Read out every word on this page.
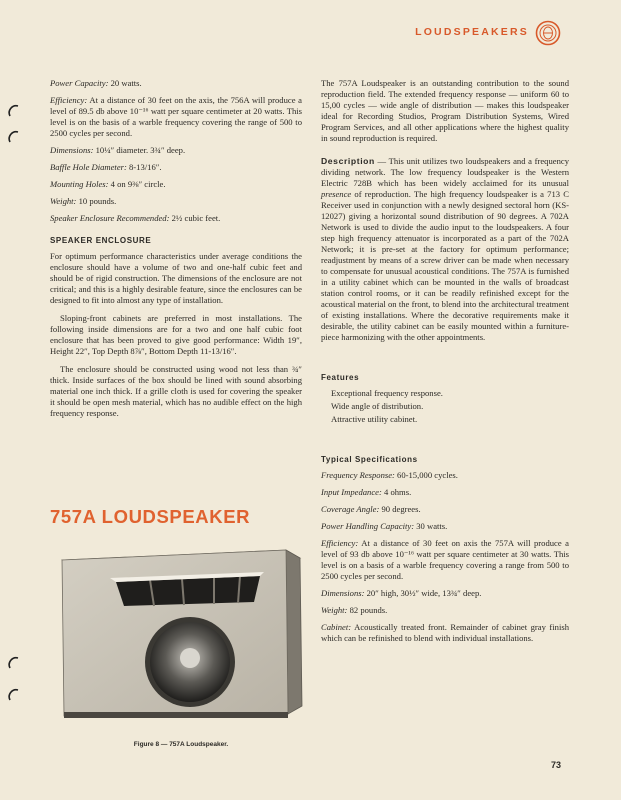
LOUDSPEAKERS

Power Capacity: 20 watts.

Efficiency: At a distance of 30 feet on the axis, the 756A will produce a level of 89.5 db above 10⁻¹⁶ watt per square centimeter at 20 watts. This level is on the basis of a warble frequency covering the range of 500 to 2500 cycles per second.

Dimensions: 10¼″ diameter. 3¾″ deep.

Baffle Hole Diameter: 8-13/16″.

Mounting Holes: 4 on 9⅜″ circle.

Weight: 10 pounds.

Speaker Enclosure Recommended: 2½ cubic feet.

SPEAKER ENCLOSURE

For optimum performance characteristics under average conditions the enclosure should have a volume of two and one-half cubic feet and should be of rigid construction. The dimensions of the enclosure are not critical; and this is a highly desirable feature, since the enclosures can be designed to fit into almost any type of installation.

Sloping-front cabinets are preferred in most installations. The following inside dimensions are for a two and one half cubic foot enclosure that has been proved to give good performance: Width 19″, Height 22″, Top Depth 8⅞″, Bottom Depth 11-13/16″.

The enclosure should be constructed using wood not less than ¾″ thick. Inside surfaces of the box should be lined with sound absorbing material one inch thick. If a grille cloth is used for covering the speaker it should be open mesh material, which has no audible effect on the high frequency response.

757A LOUDSPEAKER
Figure 8 — 757A Loudspeaker.

The 757A Loudspeaker is an outstanding contribution to the sound reproduction field. The extended frequency response — uniform 60 to 15,00 cycles — wide angle of distribution — makes this loudspeaker ideal for Recording Studios, Program Distribution Systems, Wired Program Services, and all other applications where the highest quality in sound reproduction is required.

Description — This unit utilizes two loudspeakers and a frequency dividing network. The low frequency loudspeaker is the Western Electric 728B which has been widely acclaimed for its unusual presence of reproduction. The high frequency loudspeaker is a 713 C Receiver used in conjunction with a newly designed sectoral horn (KS-12027) giving a horizontal sound distribution of 90 degrees. A 702A Network is used to divide the audio input to the loudspeakers. A four step high frequency attenuator is incorporated as a part of the 702A Network; it is pre-set at the factory for optimum performance; readjustment by means of a screw driver can be made when necessary to compensate for unusual acoustical conditions. The 757A is furnished in a utility cabinet which can be mounted in the walls of broadcast station control rooms, or it can be readily refinished except for the acoustical material on the front, to blend into the architectural treatment of existing installations. Where the decorative requirements make it desirable, the utility cabinet can be easily mounted within a furniture-piece harmonizing with the other appointments.

Features

Exceptional frequency response.

Wide angle of distribution.

Attractive utility cabinet.

Typical Specifications

Frequency Response: 60-15,000 cycles.

Input Impedance: 4 ohms.

Coverage Angle: 90 degrees.

Power Handling Capacity: 30 watts.

Efficiency: At a distance of 30 feet on axis the 757A will produce a level of 93 db above 10⁻¹⁶ watt per square centimeter at 30 watts. This level is on a basis of a warble frequency covering a range from 500 to 2500 cycles per second.

Dimensions: 20″ high, 30½″ wide, 13¾″ deep.

Weight: 82 pounds.

Cabinet: Acoustically treated front. Remainder of cabinet gray finish which can be refinished to blend with individual installations.

73
